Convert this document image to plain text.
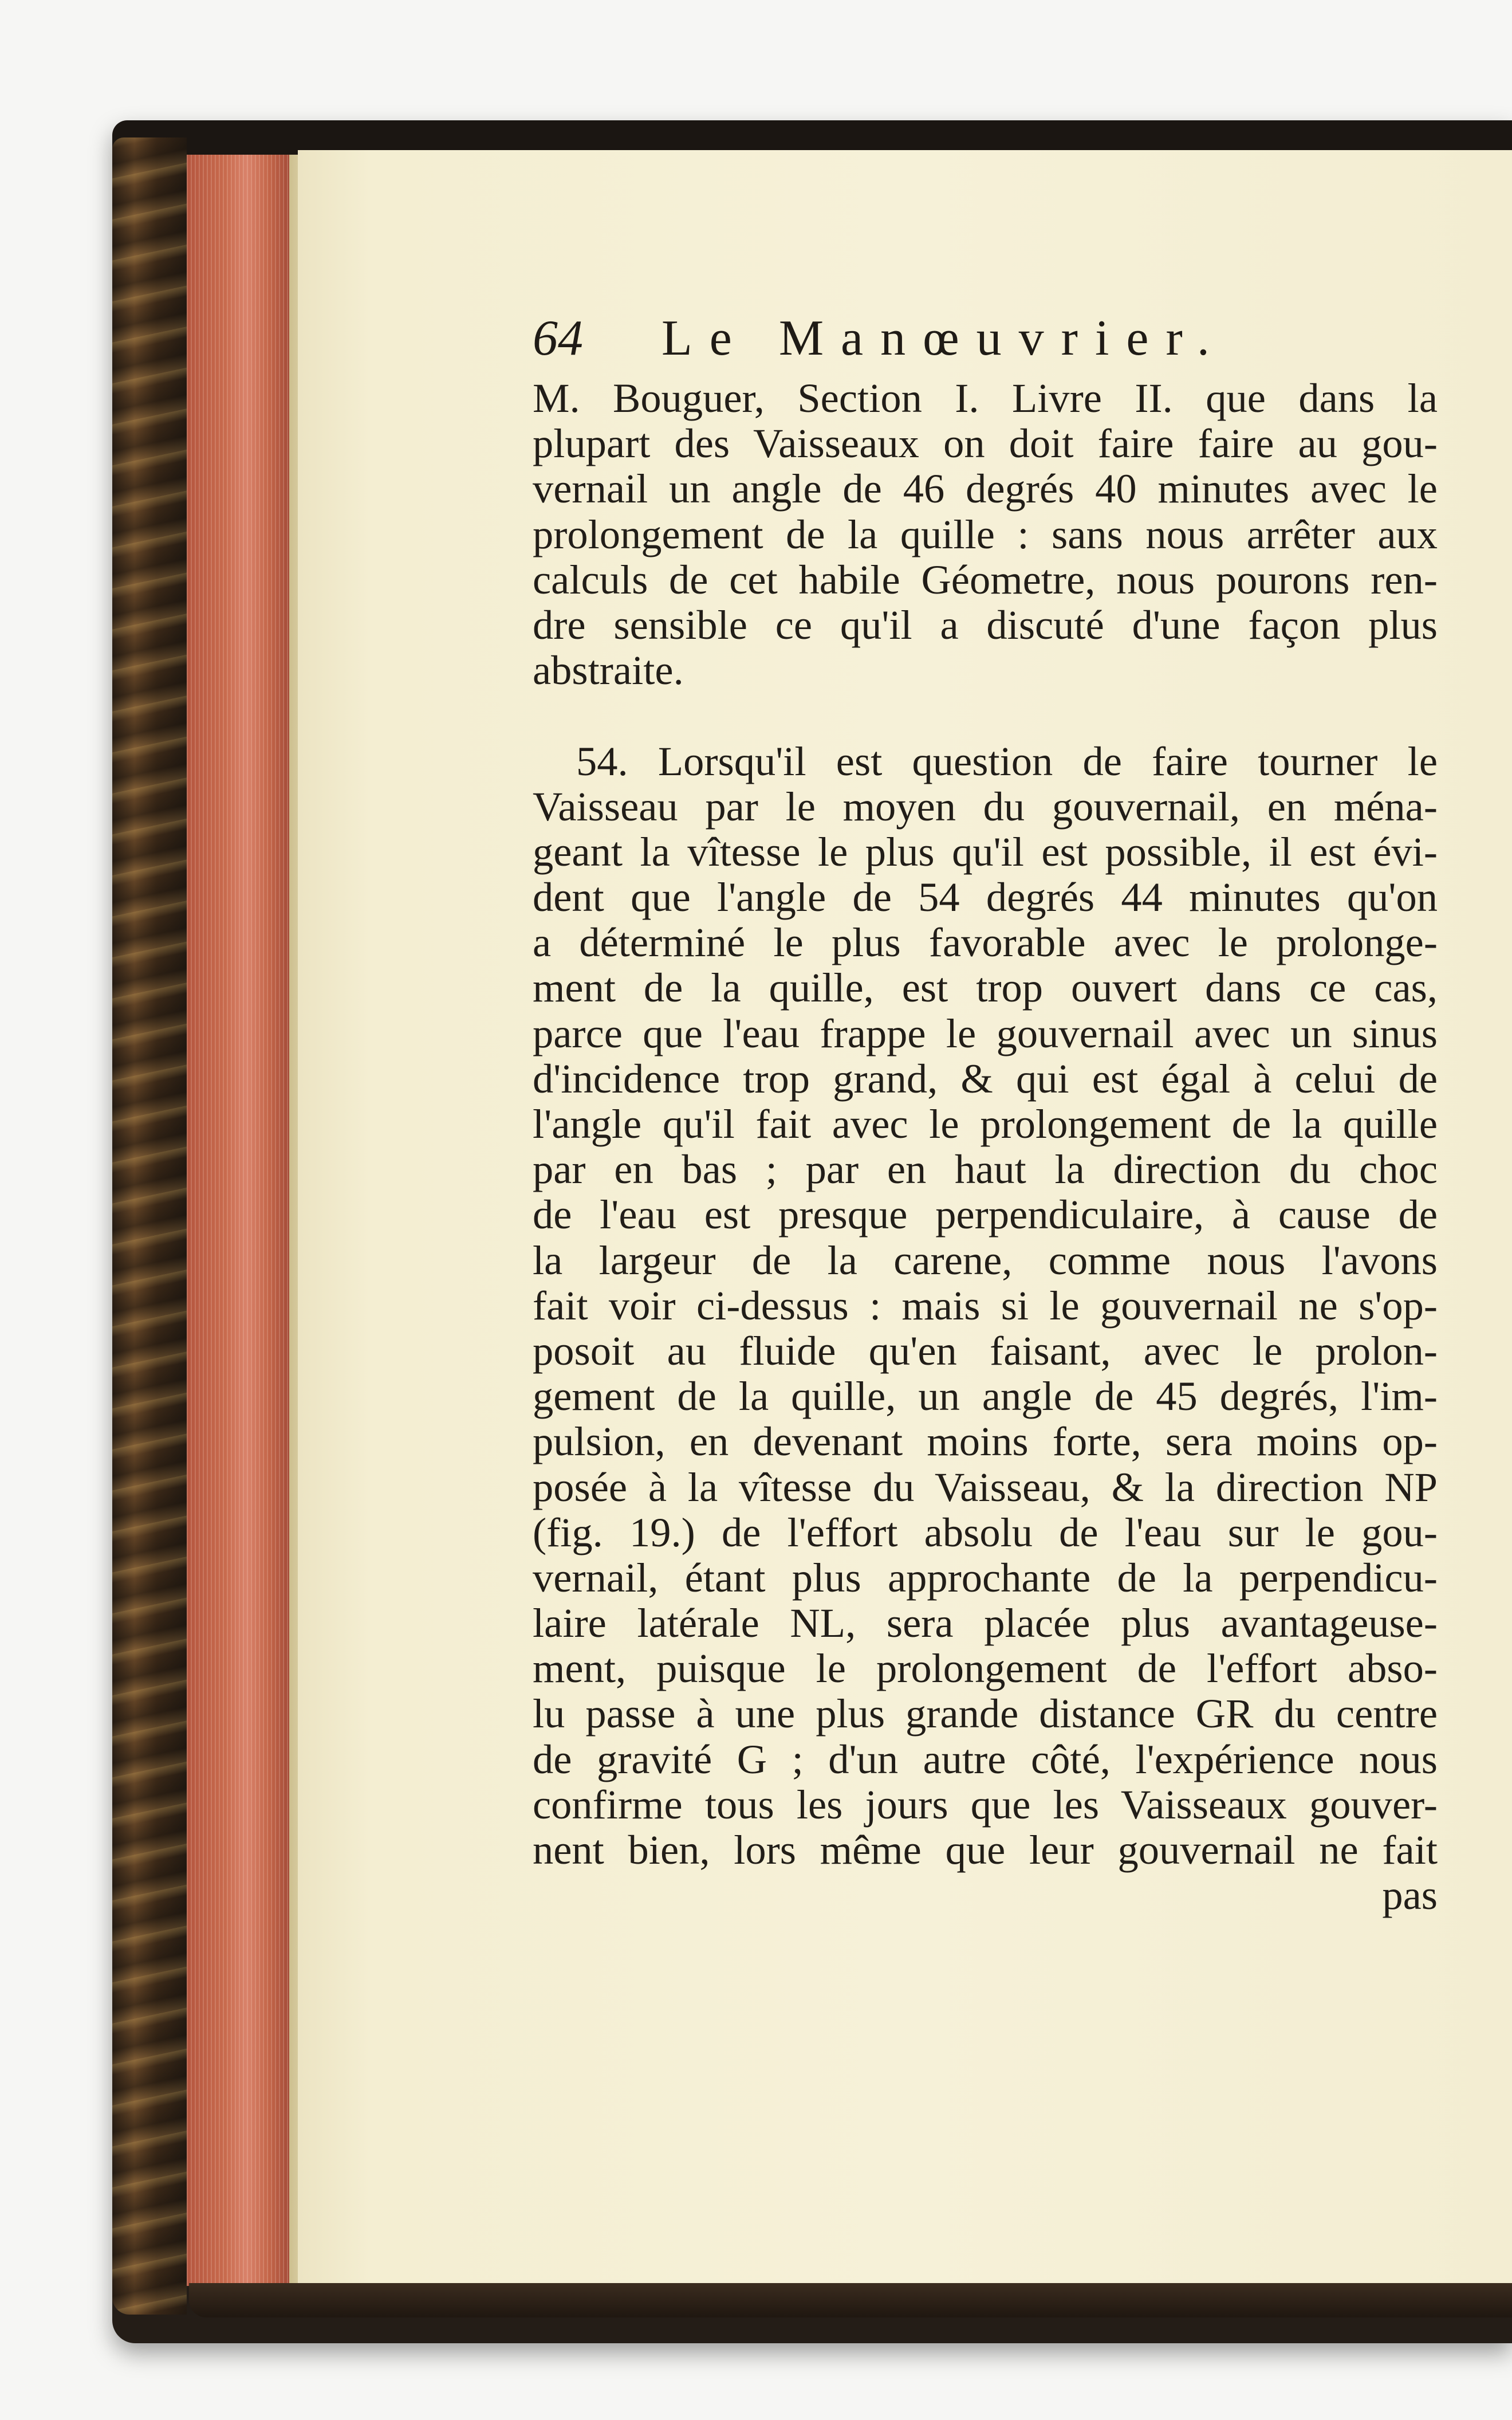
64 Le Manœuvrier.
M. Bouguer, Section I. Livre II. que dans la
plupart des Vaisseaux on doit faire faire au gou-
vernail un angle de 46 degrés 40 minutes avec le
prolongement de la quille : sans nous arrêter aux
calculs de cet habile Géometre, nous pourons ren-
dre sensible ce qu'il a discuté d'une façon plus
abstraite.
54. Lorsqu'il est question de faire tourner le
Vaisseau par le moyen du gouvernail, en ména-
geant la vîtesse le plus qu'il est possible, il est évi-
dent que l'angle de 54 degrés 44 minutes qu'on
a déterminé le plus favorable avec le prolonge-
ment de la quille, est trop ouvert dans ce cas,
parce que l'eau frappe le gouvernail avec un sinus
d'incidence trop grand, & qui est égal à celui de
l'angle qu'il fait avec le prolongement de la quille
par en bas ; par en haut la direction du choc
de l'eau est presque perpendiculaire, à cause de
la largeur de la carene, comme nous l'avons
fait voir ci-dessus : mais si le gouvernail ne s'op-
posoit au fluide qu'en faisant, avec le prolon-
gement de la quille, un angle de 45 degrés, l'im-
pulsion, en devenant moins forte, sera moins op-
posée à la vîtesse du Vaisseau, & la direction NP
(fig. 19.) de l'effort absolu de l'eau sur le gou-
vernail, étant plus approchante de la perpendicu-
laire latérale NL, sera placée plus avantageuse-
ment, puisque le prolongement de l'effort abso-
lu passe à une plus grande distance GR du centre
de gravité G ; d'un autre côté, l'expérience nous
confirme tous les jours que les Vaisseaux gouver-
nent bien, lors même que leur gouvernail ne fait
pas
